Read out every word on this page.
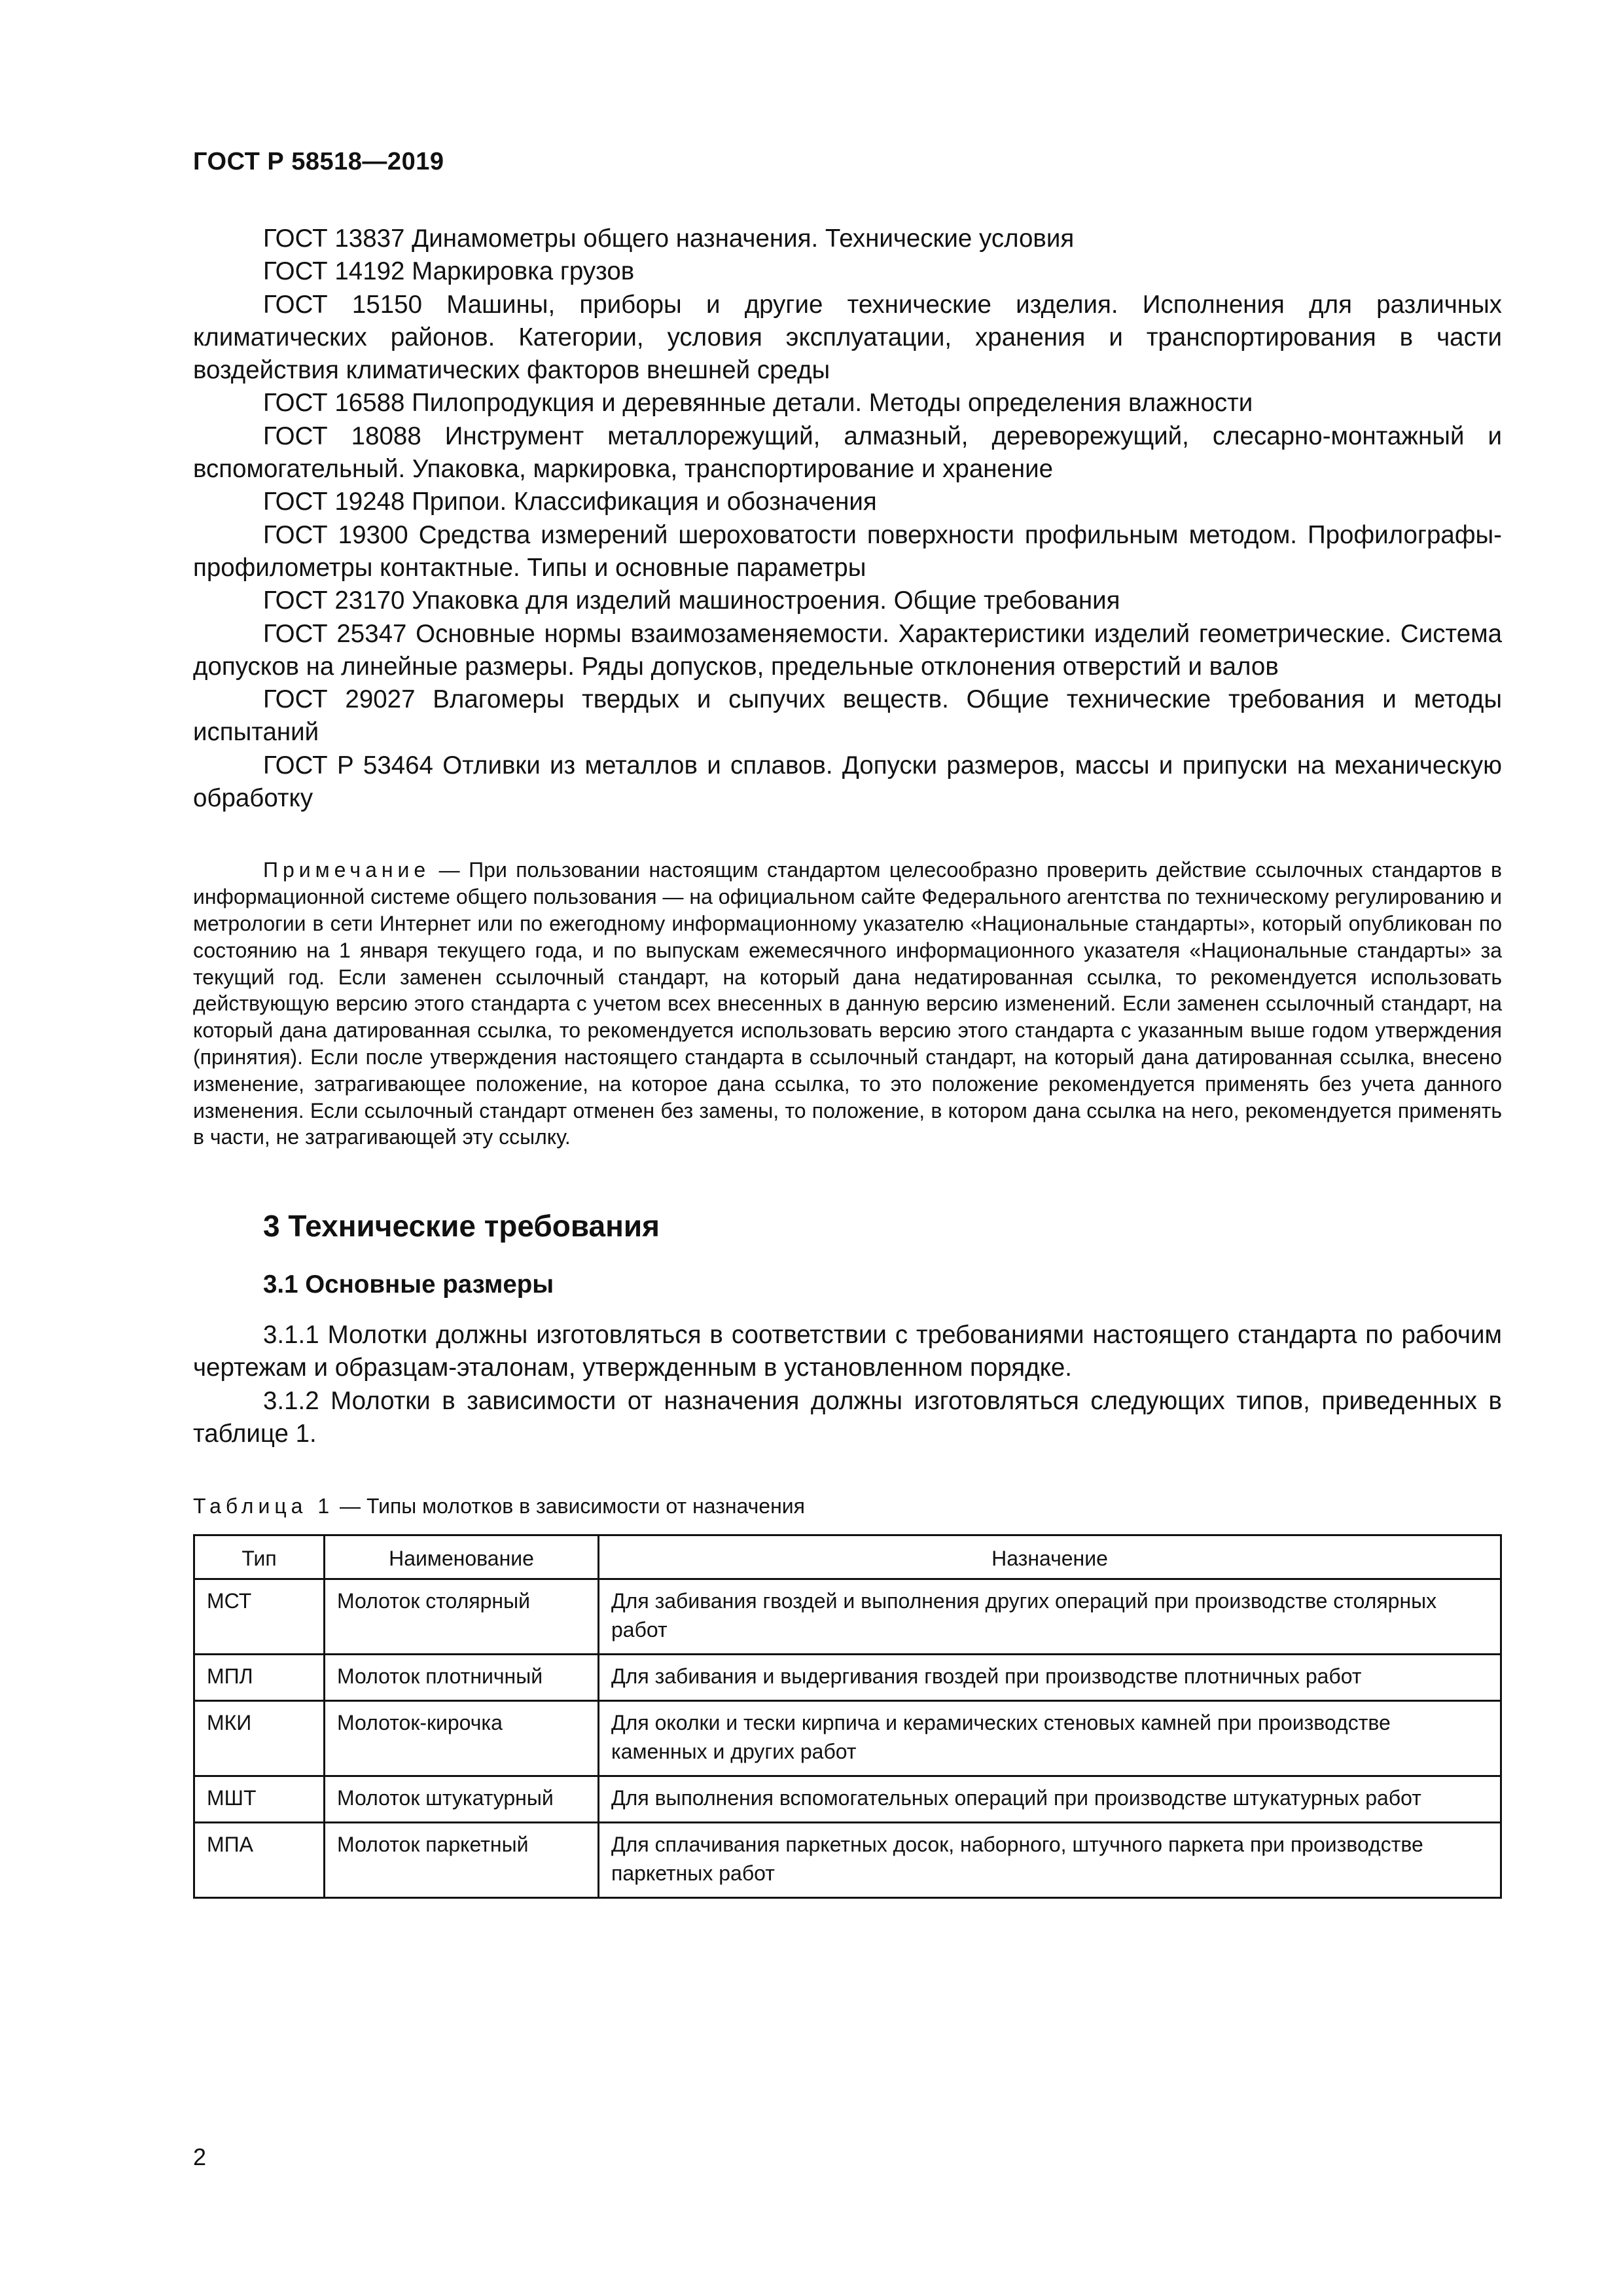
ГОСТ Р 58518—2019

ГОСТ 13837 Динамометры общего назначения. Технические условия

ГОСТ 14192 Маркировка грузов

ГОСТ 15150 Машины, приборы и другие технические изделия. Исполнения для различных климатических районов. Категории, условия эксплуатации, хранения и транспортирования в части воздействия климатических факторов внешней среды

ГОСТ 16588 Пилопродукция и деревянные детали. Методы определения влажности

ГОСТ 18088 Инструмент металлорежущий, алмазный, дереворежущий, слесарно-монтажный и вспомогательный. Упаковка, маркировка, транспортирование и хранение

ГОСТ 19248 Припои. Классификация и обозначения

ГОСТ 19300 Средства измерений шероховатости поверхности профильным методом. Профилографы-профилометры контактные. Типы и основные параметры

ГОСТ 23170 Упаковка для изделий машиностроения. Общие требования

ГОСТ 25347 Основные нормы взаимозаменяемости. Характеристики изделий геометрические. Система допусков на линейные размеры. Ряды допусков, предельные отклонения отверстий и валов

ГОСТ 29027 Влагомеры твердых и сыпучих веществ. Общие технические требования и методы испытаний

ГОСТ Р 53464 Отливки из металлов и сплавов. Допуски размеров, массы и припуски на механическую обработку

Примечание — При пользовании настоящим стандартом целесообразно проверить действие ссылочных стандартов в информационной системе общего пользования — на официальном сайте Федерального агентства по техническому регулированию и метрологии в сети Интернет или по ежегодному информационному указателю «Национальные стандарты», который опубликован по состоянию на 1 января текущего года, и по выпускам ежемесячного информационного указателя «Национальные стандарты» за текущий год. Если заменен ссылочный стандарт, на который дана недатированная ссылка, то рекомендуется использовать действующую версию этого стандарта с учетом всех внесенных в данную версию изменений. Если заменен ссылочный стандарт, на который дана датированная ссылка, то рекомендуется использовать версию этого стандарта с указанным выше годом утверждения (принятия). Если после утверждения настоящего стандарта в ссылочный стандарт, на который дана датированная ссылка, внесено изменение, затрагивающее положение, на которое дана ссылка, то это положение рекомендуется применять без учета данного изменения. Если ссылочный стандарт отменен без замены, то положение, в котором дана ссылка на него, рекомендуется применять в части, не затрагивающей эту ссылку.

3 Технические требования
3.1 Основные размеры

3.1.1 Молотки должны изготовляться в соответствии с требованиями настоящего стандарта по рабочим чертежам и образцам-эталонам, утвержденным в установленном порядке.

3.1.2 Молотки в зависимости от назначения должны изготовляться следующих типов, приведенных в таблице 1.

Таблица 1 — Типы молотков в зависимости от назначения
Тип	Наименование	Назначение
МСТ	Молоток столярный	Для забивания гвоздей и выполнения других операций при производстве столярных работ
МПЛ	Молоток плотничный	Для забивания и выдергивания гвоздей при производстве плотничных работ
МКИ	Молоток-кирочка	Для околки и тески кирпича и керамических стеновых камней при производстве каменных и других работ
МШТ	Молоток штукатурный	Для выполнения вспомогательных операций при производстве штукатурных работ
МПА	Молоток паркетный	Для сплачивания паркетных досок, наборного, штучного паркета при производстве паркетных работ
2
